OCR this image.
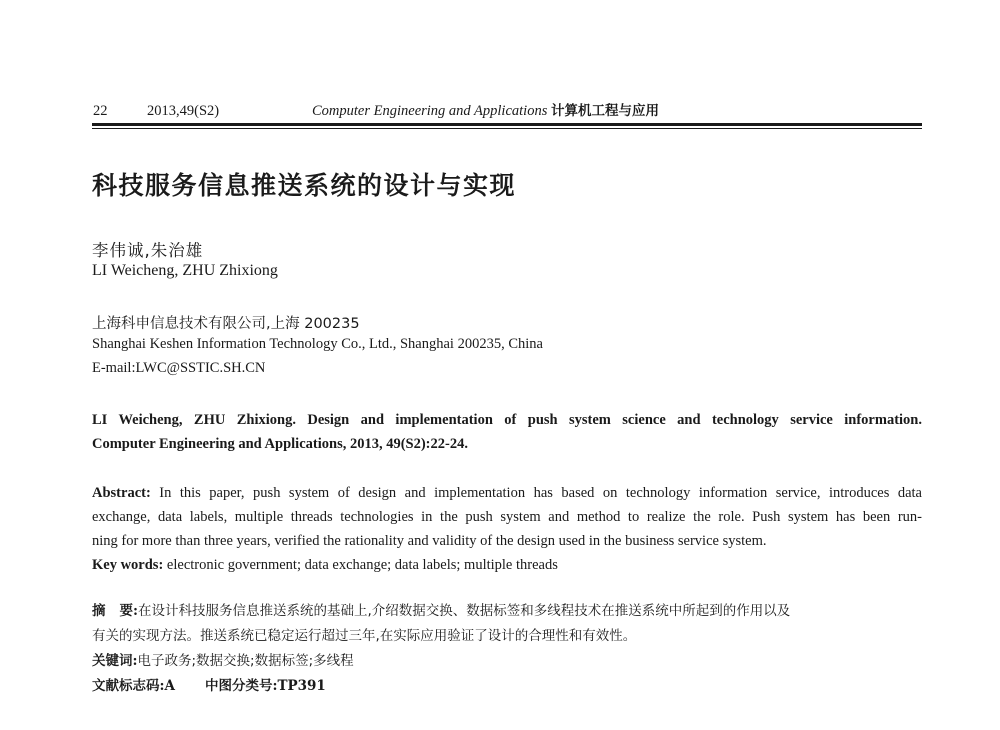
22	2013,49(S2)	Computer Engineering and Applications 计算机工程与应用
科技服务信息推送系统的设计与实现
李伟诚,朱治雄
LI Weicheng, ZHU Zhixiong
上海科申信息技术有限公司,上海 200235
Shanghai Keshen Information Technology Co., Ltd., Shanghai 200235, China
E-mail:LWC@SSTIC.SH.CN
LI Weicheng, ZHU Zhixiong. Design and implementation of push system science and technology service information.
Computer Engineering and Applications, 2013, 49(S2):22-24.
Abstract: In this paper, push system of design and implementation has based on technology information service, introduces data
exchange, data labels, multiple threads technologies in the push system and method to realize the role. Push system has been run-
ning for more than three years, verified the rationality and validity of the design used in the business service system.
Key words: electronic government; data exchange; data labels; multiple threads
摘 要:在设计科技服务信息推送系统的基础上,介绍数据交换、数据标签和多线程技术在推送系统中所起到的作用以及
有关的实现方法。推送系统已稳定运行超过三年,在实际应用验证了设计的合理性和有效性。
关键词:电子政务;数据交换;数据标签;多线程
文献标志码:A 中图分类号:TP391
